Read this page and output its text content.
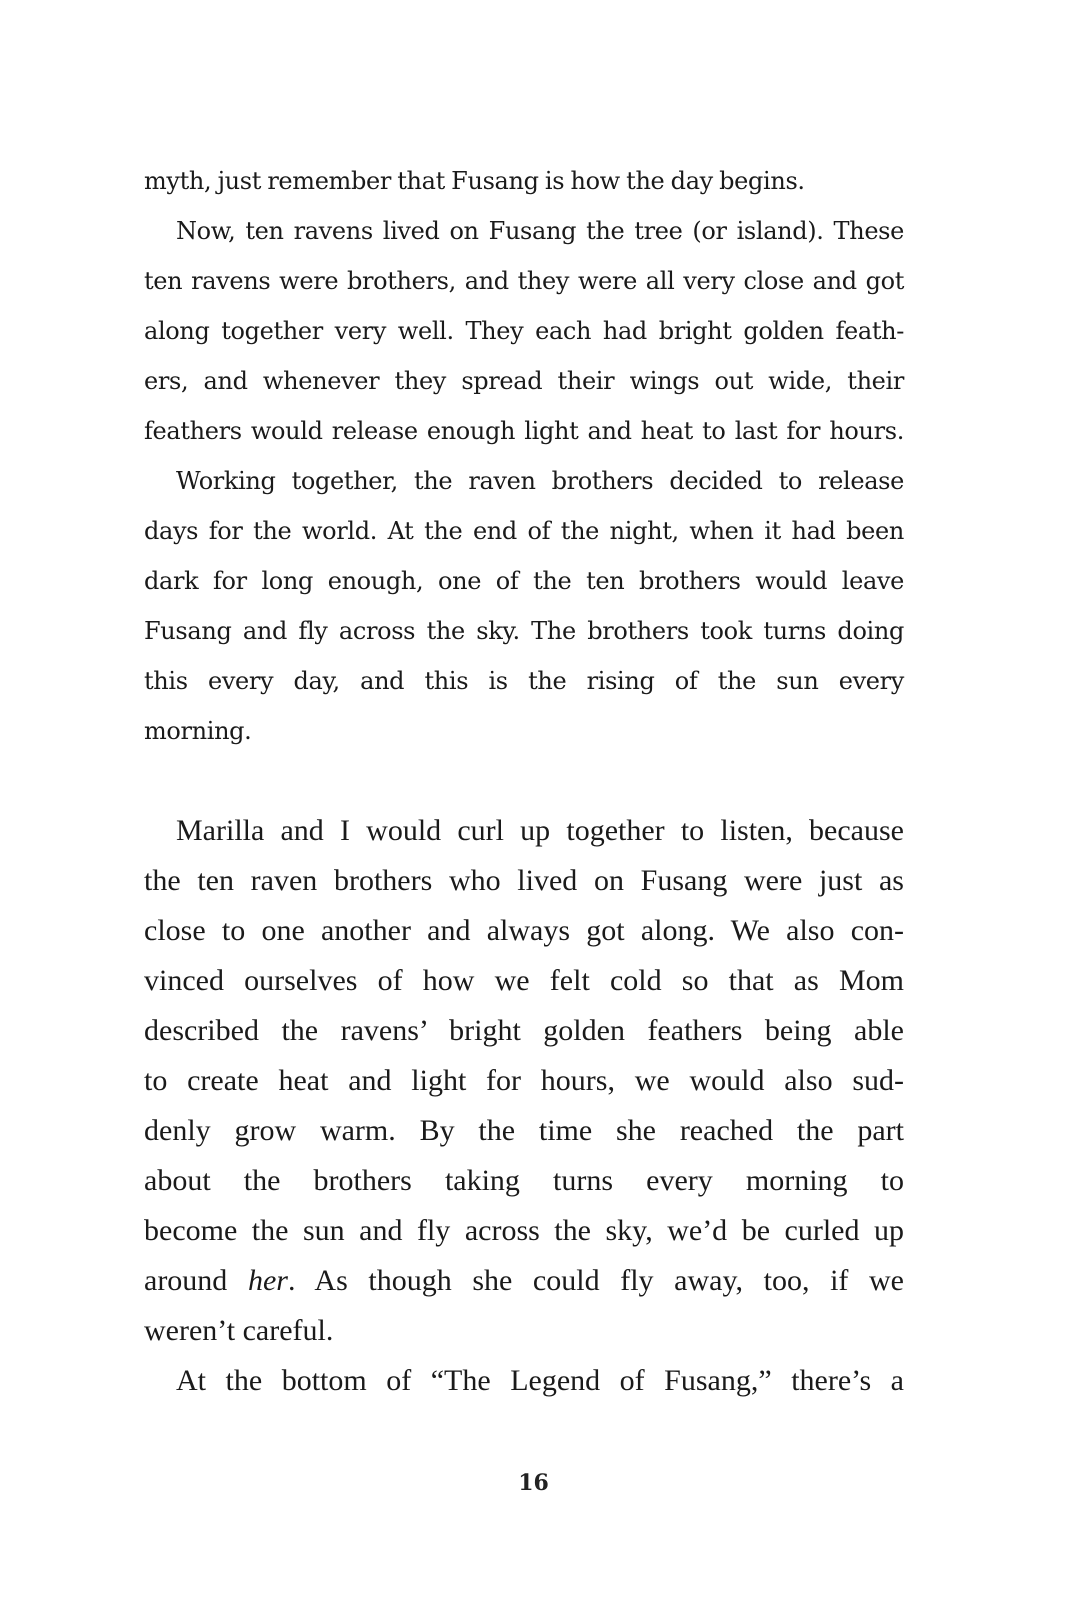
myth, just remember that Fusang is how the day begins.
Now, ten ravens lived on Fusang the tree (or island). These
ten ravens were brothers, and they were all very close and got
along together very well. They each had bright golden feath-
ers, and whenever they spread their wings out wide, their
feathers would release enough light and heat to last for hours.
Working together, the raven brothers decided to release
days for the world. At the end of the night, when it had been
dark for long enough, one of the ten brothers would leave
Fusang and fly across the sky. The brothers took turns doing
this every day, and this is the rising of the sun every
morning.
Marilla and I would curl up together to listen, because
the ten raven brothers who lived on Fusang were just as
close to one another and always got along. We also con-
vinced ourselves of how we felt cold so that as Mom
described the ravens’ bright golden feathers being able
to create heat and light for hours, we would also sud-
denly grow warm. By the time she reached the part
about the brothers taking turns every morning to
become the sun and fly across the sky, we’d be curled up
around her. As though she could fly away, too, if we
weren’t careful.
At the bottom of “The Legend of Fusang,” there’s a
16
